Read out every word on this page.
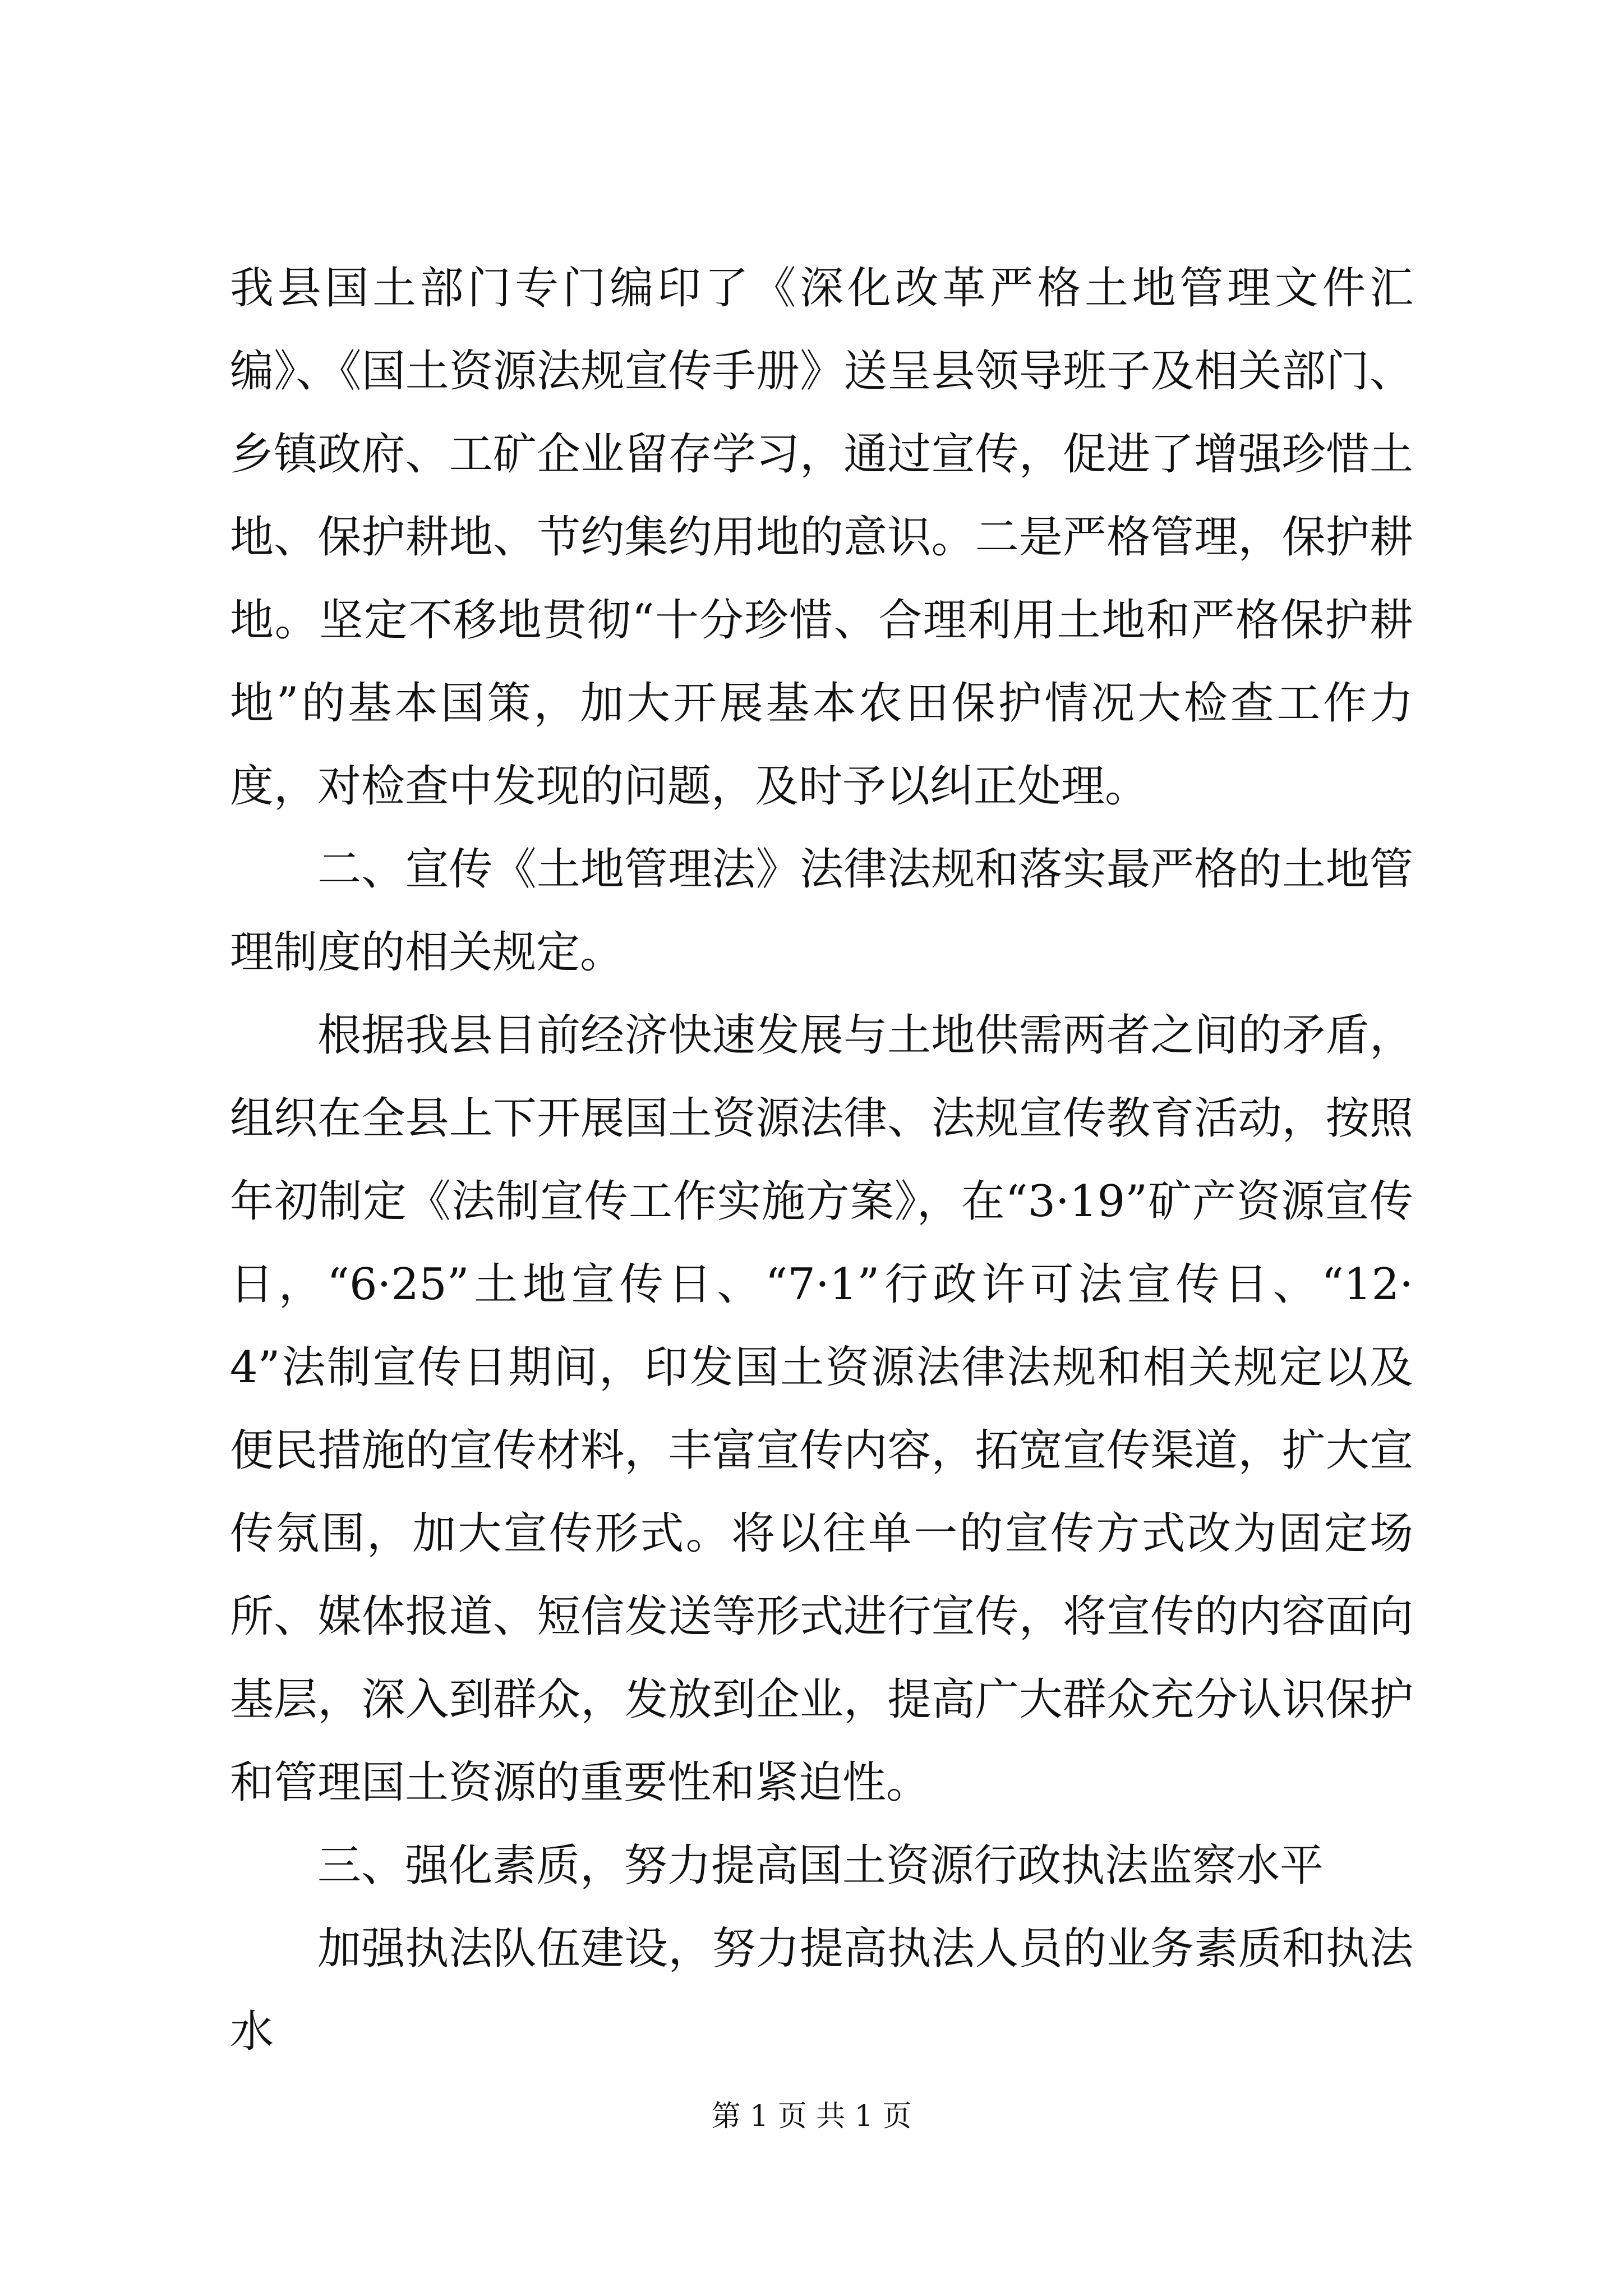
我县国土部门专门编印了《深化改革严格土地管理文件汇编》、《国土资源法规宣传手册》送呈县领导班子及相关部门、乡镇政府、工矿企业留存学习，通过宣传，促进了增强珍惜土地、保护耕地、节约集约用地的意识。二是严格管理，保护耕地。坚定不移地贯彻“十分珍惜、合理利用土地和严格保护耕地”的基本国策，加大开展基本农田保护情况大检查工作力度，对检查中发现的问题，及时予以纠正处理。

二、宣传《土地管理法》法律法规和落实最严格的土地管理制度的相关规定。

根据我县目前经济快速发展与土地供需两者之间的矛盾，组织在全县上下开展国土资源法律、法规宣传教育活动，按照年初制定《法制宣传工作实施方案》，在“3·19”矿产资源宣传日，“6·25”土地宣传日、“7·1”行政许可法宣传日、“12·4”法制宣传日期间，印发国土资源法律法规和相关规定以及便民措施的宣传材料，丰富宣传内容，拓宽宣传渠道，扩大宣传氛围，加大宣传形式。将以往单一的宣传方式改为固定场所、媒体报道、短信发送等形式进行宣传，将宣传的内容面向基层，深入到群众，发放到企业，提高广大群众充分认识保护和管理国土资源的重要性和紧迫性。

三、强化素质，努力提高国土资源行政执法监察水平

加强执法队伍建设，努力提高执法人员的业务素质和执法水

第 1 页 共 1 页
